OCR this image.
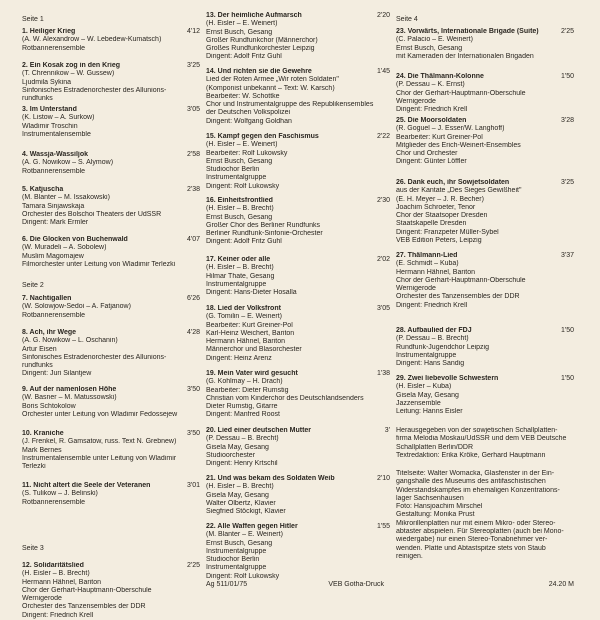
Seite 1
Seite 2
Seite 3
1. Heiliger Krieg	4'12
(A. W. Alexandrow – W. Lebedew-Kumatsch)
Rotbannerensemble
2. Ein Kosak zog in den Krieg	3'25
(T. Chrennikow – W. Gussew)
Ljudmila Sykina
Sinfonisches Estradenorchester des Allunions-
rundfunks
3. Im Unterstand	3'05
(K. Listow – A. Surkow)
Wladimir Troschin
Instrumentalensemble
4. Wassja-Wassiljok	2'58
(A. G. Nowikow – S. Alymow)
Rotbannerensemble
5. Katjuscha	2'38
(M. Blanter – M. Issakowski)
Tamara Sinjawskaja
Orchester des Bolschoi Theaters der UdSSR
Dirigent: Mark Ermler
6. Die Glocken von Buchenwald	4'07
(W. Muradeli – A. Sobolew)
Muslim Magomajew
Filmorchester unter Leitung von Wladimir Terlezki
7. Nachtigallen	6'26
(W. Solowjow-Sedoi – A. Fatjanow)
Rotbannerensemble
8. Ach, ihr Wege	4'28
(A. G. Nowikow – L. Oschanin)
Artur Eisen
Sinfonisches Estradenorchester des Allunions-
rundfunks
Dirigent: Juri Silantjew
9. Auf der namenlosen Höhe	3'50
(W. Basner – M. Matussowski)
Boris Schtokolow
Orchester unter Leitung von Wladimir Fedossejew
10. Kraniche	3'50
(J. Frenkel, R. Gamsatow, russ. Text N. Grebnew)
Mark Bernes
Instrumentalensemble unter Leitung von Wladimir
Terlezki
11. Nicht altert die Seele der Veteranen	3'01
(S. Tulikow – J. Belinski)
Rotbannerensemble
12. Solidaritätslied	2'25
(H. Eisler – B. Brecht)
Hermann Hähnel, Bariton
Chor der Gerhart-Hauptmann-Oberschule
Wernigerode
Orchester des Tanzensembles der DDR
Dirigent: Friedrich Krell
Ag 511/01/75	VEB Gotha-Druck
13. Der heimliche Aufmarsch	2'20
(H. Eisler – E. Weinert)
Ernst Busch, Gesang
Großer Rundfunkchor (Männerchor)
Großes Rundfunkorchester Leipzig
Dirigent: Adolf Fritz Guhl
14. Und richten sie die Gewehre	1'45
Lied der Roten Armee „Wir roten Soldaten"
(Komponist unbekannt – Text: W. Karsch)
Bearbeiter: W. Schottke
Chor und Instrumentalgruppe des Republikensembles
der Deutschen Volkspolizei
Dirigent: Wolfgang Goldhan
15. Kampf gegen den Faschismus	2'22
(H. Eisler – E. Weinert)
Bearbeiter: Rolf Lukowsky
Ernst Busch, Gesang
Studiochor Berlin
Instrumentalgruppe
Dirigent: Rolf Lukowsky
16. Einheitsfrontlied	2'30
(H. Eisler – B. Brecht)
Ernst Busch, Gesang
Großer Chor des Berliner Rundfunks
Berliner Rundfunk-Sinfonie-Orchester
Dirigent: Adolf Fritz Guhl
17. Keiner oder alle	2'02
(H. Eisler – B. Brecht)
Hilmar Thate, Gesang
Instrumentalgruppe
Dirigent: Hans-Dieter Hosalla
18. Lied der Volksfront	3'05
(G. Tomilin – E. Weinert)
Bearbeiter: Kurt Greiner-Pol
Karl-Heinz Weichert, Bariton
Hermann Hähnel, Bariton
Männerchor und Blasorchester
Dirigent: Heinz Arenz
19. Mein Vater wird gesucht	1'38
(G. Kohlmay – H. Drach)
Bearbeiter: Dieter Rumstig
Christian vom Kinderchor des Deutschlandsenders
Dieter Rumstig, Gitarre
Dirigent: Manfred Roost
20. Lied einer deutschen Mutter	3'
(P. Dessau – B. Brecht)
Gisela May, Gesang
Studioorchester
Dirigent: Henry Krtschil
21. Und was bekam des Soldaten Weib	2'10
(H. Eisler – B. Brecht)
Gisela May, Gesang
Walter Olbertz, Klavier
Siegfried Stöckigt, Klavier
22. Alle Waffen gegen Hitler	1'55
(M. Blanter – E. Weinert)
Ernst Busch, Gesang
Instrumentalgruppe
Studiochor Berlin
Instrumentalgruppe
Dirigent: Rolf Lukowsky
Seite 4
24.20 M
23. Vorwärts, Internationale Brigade (Suite)	2'25
(C. Palacio – E. Weinert)
Ernst Busch, Gesang
mit Kameraden der Internationalen Brigaden
24. Die Thälmann-Kolonne	1'50
(P. Dessau – K. Ernst)
Chor der Gerhart-Hauptmann-Oberschule
Wernigerode
Dirigent: Friedrich Krell
25. Die Moorsoldaten	3'28
(R. Goguel – J. Esser/W. Langhoff)
Bearbeiter: Kurt Greiner-Pol
Mitglieder des Erich-Weinert-Ensembles
Chor und Orchester
Dirigent: Günter Löffler
26. Dank euch, ihr Sowjetsoldaten	3'25
aus der Kantate „Des Sieges Gewißheit"
(E. H. Meyer – J. R. Becher)
Joachim Schroeter, Tenor
Chor der Staatsoper Dresden
Staatskapelle Dresden
Dirigent: Franzpeter Müller-Sybel
VEB Edition Peters, Leipzig
27. Thälmann-Lied	3'37
(E. Schmidt – Kuba)
Hermann Hähnel, Bariton
Chor der Gerhart-Hauptmann-Oberschule
Wernigerode
Orchester des Tanzensembles der DDR
Dirigent: Friedrich Krell
28. Aufbaulied der FDJ	1'50
(P. Dessau – B. Brecht)
Rundfunk-Jugendchor Leipzig
Instrumentalgruppe
Dirigent: Hans Sandig
29. Zwei liebevolle Schwestern	1'50
(H. Eisler – Kuba)
Gisela May, Gesang
Jazzensemble
Leitung: Hanns Eisler
Herausgegeben von der sowjetischen Schallplatten-
firma Melodia Moskau/UdSSR und dem VEB Deutsche
Schallplatten Berlin/DDR
Textredaktion: Erika Kröke, Gerhard Hauptmann
Titelseite: Walter Womacka, Glasfenster in der Ein-
gangshalle des Museums des antifaschistischen
Widerstandskampfes im ehemaligen Konzentrations-
lager Sachsenhausen
Foto: Hansjoachim Mirschel
Gestaltung: Monika Prust
Mikrorillenplatten nur mit einem Mikro- oder Stereo-
abtaster abspielen. Für Stereoplatten (auch bei Mono-
wiedergabe) nur einen Stereo-Tonabnehmer ver-
wenden. Platte und Abtastspitze stets von Staub
reinigen.
